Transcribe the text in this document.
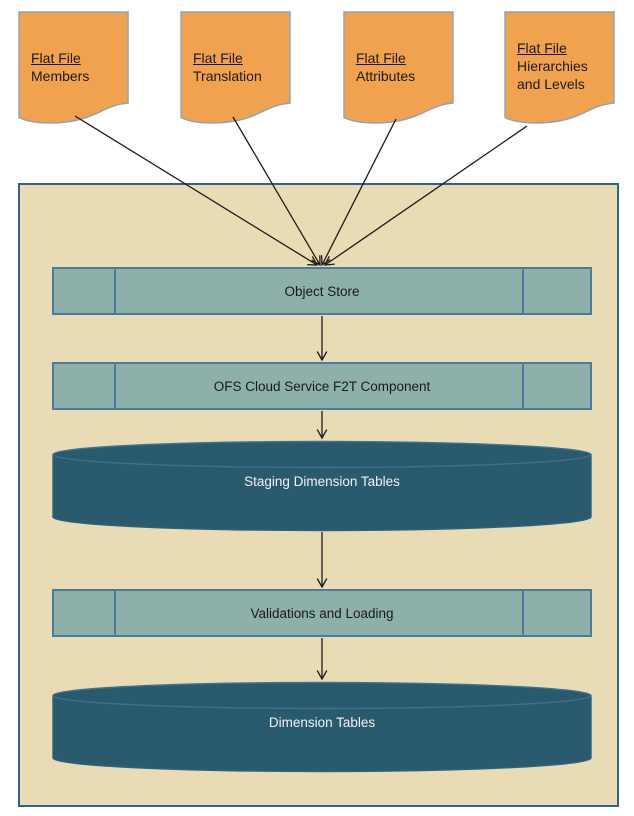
Flat File
Members
Flat File
Translation
Flat File
Attributes
Flat File
Hierarchies and Levels
Object Store
OFS Cloud Service F2T Component
Staging Dimension Tables
Validations and Loading
Dimension Tables
